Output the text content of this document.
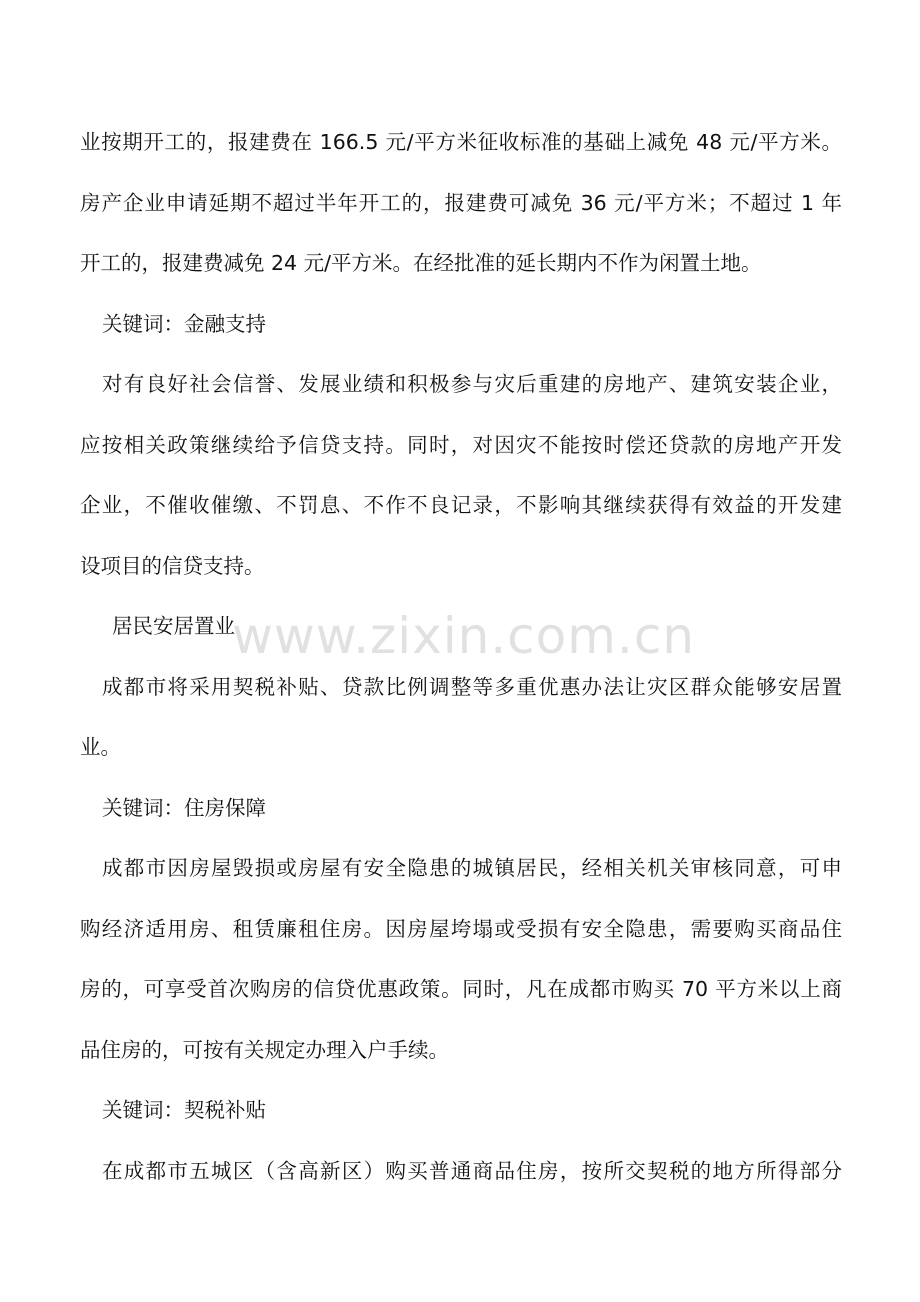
业按期开工的，报建费在 166.5 元/平方米征收标准的基础上减免 48 元/平方米。
房产企业申请延期不超过半年开工的，报建费可减免 36 元/平方米；不超过 1 年
开工的，报建费减免 24 元/平方米。在经批准的延长期内不作为闲置土地。
关键词：金融支持
对有良好社会信誉、发展业绩和积极参与灾后重建的房地产、建筑安装企业，
应按相关政策继续给予信贷支持。同时，对因灾不能按时偿还贷款的房地产开发
企业，不催收催缴、不罚息、不作不良记录，不影响其继续获得有效益的开发建
设项目的信贷支持。
居民安居置业
成都市将采用契税补贴、贷款比例调整等多重优惠办法让灾区群众能够安居置
业。
关键词：住房保障
成都市因房屋毁损或房屋有安全隐患的城镇居民，经相关机关审核同意，可申
购经济适用房、租赁廉租住房。因房屋垮塌或受损有安全隐患，需要购买商品住
房的，可享受首次购房的信贷优惠政策。同时，凡在成都市购买 70 平方米以上商
品住房的，可按有关规定办理入户手续。
关键词：契税补贴
在成都市五城区（含高新区）购买普通商品住房，按所交契税的地方所得部分
www.zixin.com.cn
